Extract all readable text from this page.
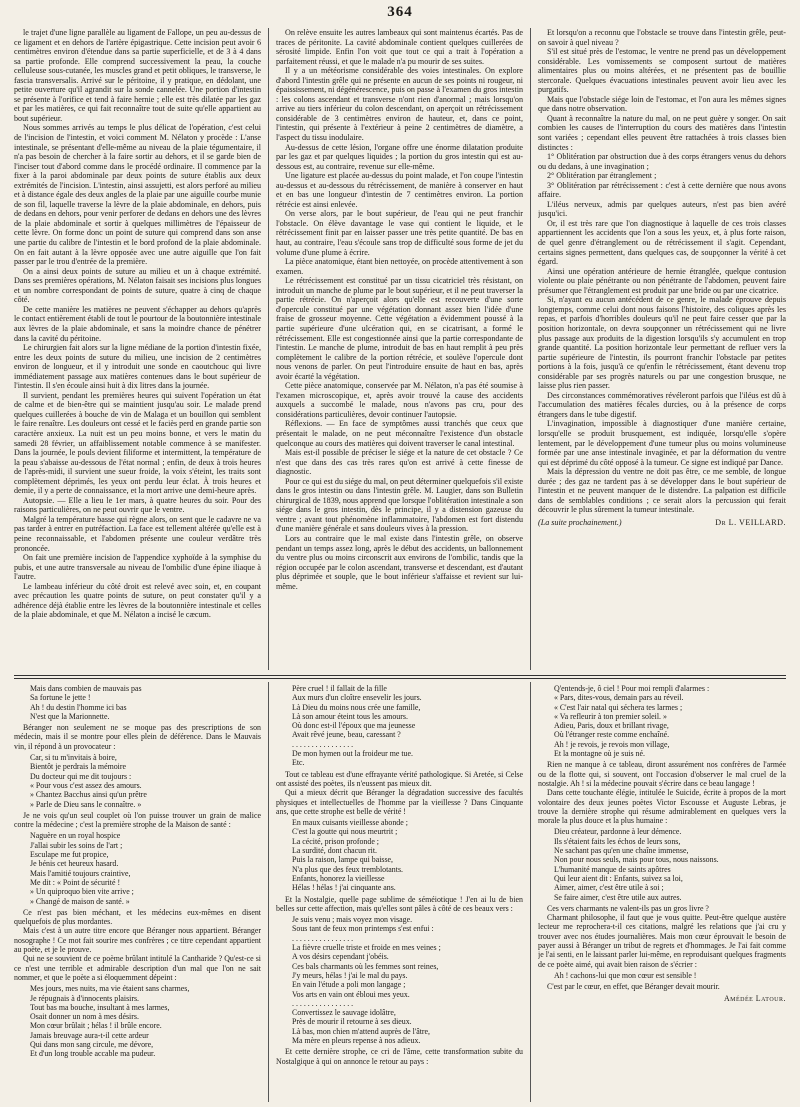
364

le trajet d'une ligne parallèle au ligament de Fallope, un peu au-dessus de ce ligament et en dehors de l'artère épigastrique. Cette incision peut avoir 6 centimètres environ d'étendue dans sa partie superficielle, et de 3 à 4 dans sa partie profonde. Elle comprend successivement la peau, la couche celluleuse sous-cutanée, les muscles grand et petit obliques, le transverse, le fascia transversalis. Arrivé sur le péritoine, il y pratique, en dédolant, une petite ouverture qu'il agrandit sur la sonde cannelée. Une portion d'intestin se présente à l'orifice et tend à faire hernie ; elle est très dilatée par les gaz et par les matières, ce qui fait reconnaître tout de suite qu'elle appartient au bout supérieur.

Nous sommes arrivés au temps le plus délicat de l'opération, c'est celui de l'incision de l'intestin, et voici comment M. Nélaton y procède : L'anse intestinale, se présentant d'elle-même au niveau de la plaie tégumentaire, il n'a pas besoin de chercher à la faire sortir au dehors, et il se garde bien de l'inciser tout d'abord comme dans le procédé ordinaire. Il commence par la fixer à la paroi abdominale par deux points de suture établis aux deux extrémités de l'incision. L'intestin, ainsi assujetti, est alors perforé au milieu et à distance égale des deux angles de la plaie par une aiguille courbe munie de son fil, laquelle traverse la lèvre de la plaie abdominale, en dehors, puis de dedans en dehors, pour venir perforer de dedans en dehors une des lèvres de la plaie abdominale et sortir à quelques millimètres de l'épaisseur de cette lèvre. On forme donc un point de suture qui comprend dans son anse une partie du calibre de l'intestin et le bord profond de la plaie abdominale. On en fait autant à la lèvre opposée avec une autre aiguille que l'on fait passer par le trou d'entrée de la première.

On a ainsi deux points de suture au milieu et un à chaque extrémité. Dans ses premières opérations, M. Nélaton faisait ses incisions plus longues et un nombre correspondant de points de suture, quatre à cinq de chaque côté.

De cette manière les matières ne peuvent s'échapper au dehors qu'après le contact entièrement établi de tout le pourtour de la boutonnière intestinale aux lèvres de la plaie abdominale, et sans la moindre chance de pénétrer dans la cavité du péritoine.

Le chirurgien fait alors sur la ligne médiane de la portion d'intestin fixée, entre les deux points de suture du milieu, une incision de 2 centimètres environ de longueur, et il y introduit une sonde en caoutchouc qui livre immédiatement passage aux matières contenues dans le bout supérieur de l'intestin. Il s'en écoule ainsi huit à dix litres dans la journée.

Il survient, pendant les premières heures qui suivent l'opération un état de calme et de bien-être qui se maintient jusqu'au soir. Le malade prend quelques cuillerées à bouche de vin de Malaga et un bouillon qui semblent le faire renaître. Les douleurs ont cessé et le faciès perd en grande partie son caractère anxieux. La nuit est un peu moins bonne, et vers le matin du samedi 28 février, un affaiblissement notable commence à se manifester. Dans la journée, le pouls devient filiforme et intermittent, la température de la peau s'abaisse au-dessous de l'état normal ; enfin, de deux à trois heures de l'après-midi, il survient une sueur froide, la voix s'éteint, les traits sont complètement déprimés, les yeux ont perdu leur éclat. À trois heures et demie, il y a perte de connaissance, et la mort arrive une demi-heure après.

Autopsie. — Elle a lieu le 1er mars, à quatre heures du soir. Pour des raisons particulières, on ne peut ouvrir que le ventre.

Malgré la température basse qui règne alors, on sent que le cadavre ne va pas tarder à entrer en putréfaction. La face est tellement altérée qu'elle est à peine reconnaissable, et l'abdomen présente une couleur verdâtre très prononcée.

On fait une première incision de l'appendice xyphoïde à la symphise du pubis, et une autre transversale au niveau de l'ombilic d'une épine iliaque à l'autre.

Le lambeau inférieur du côté droit est relevé avec soin, et, en coupant avec précaution les quatre points de suture, on peut constater qu'il y a adhérence déjà établie entre les lèvres de la boutonnière intestinale et celles de la plaie abdominale, et que M. Nélaton a incisé le cæcum.

On relève ensuite les autres lambeaux qui sont maintenus écartés. Pas de traces de péritonite. La cavité abdominale contient quelques cuillerées de sérosité limpide. Enfin l'on voit que tout ce qui a trait à l'opération a parfaitement réussi, et que le malade n'a pu mourir de ses suites.

Il y a un météorisme considérable des voies intestinales. On explore d'abord l'intestin grêle qui ne présente en aucun de ses points ni rougeur, ni épaississement, ni dégénérescence, puis on passe à l'examen du gros intestin : les colons ascendant et transverse n'ont rien d'anormal ; mais lorsqu'on arrive au tiers inférieur du colon descendant, on aperçoit un rétrécissement considérable de 3 centimètres environ de hauteur, et, dans ce point, l'intestin, qui présente à l'extérieur à peine 2 centimètres de diamètre, a l'aspect du tissu inodulaire.

Au-dessus de cette lésion, l'organe offre une énorme dilatation produite par les gaz et par quelques liquides ; la portion du gros intestin qui est au-dessous est, au contraire, revenue sur elle-même.

Une ligature est placée au-dessus du point malade, et l'on coupe l'intestin au-dessus et au-dessous du rétrécissement, de manière à conserver en haut et en bas une longueur d'intestin de 7 centimètres environ. La portion rétrécie est ainsi enlevée.

On verse alors, par le bout supérieur, de l'eau qui ne peut franchir l'obstacle. On élève davantage le vase qui contient le liquide, et le rétrécissement finit par en laisser passer une très petite quantité. De bas en haut, au contraire, l'eau s'écoule sans trop de difficulté sous forme de jet du volume d'une plume à écrire.

La pièce anatomique, étant bien nettoyée, on procède attentivement à son examen.

Le rétrécissement est constitué par un tissu cicatriciel très résistant, on introduit un manche de plume par le bout supérieur, et il ne peut traverser la partie rétrécie. On n'aperçoit alors qu'elle est recouverte d'une sorte d'opercule constitué par une végétation donnant assez bien l'idée d'une fraise de grosseur moyenne. Cette végétation a évidemment poussé à la partie supérieure d'une ulcération qui, en se cicatrisant, a formé le rétrécissement. Elle est congestionnée ainsi que la partie correspondante de l'intestin. Le manche de plume, introduit de bas en haut remplit à peu près complètement le calibre de la portion rétrécie, et soulève l'opercule dont nous venons de parler. On peut l'introduire ensuite de haut en bas, après avoir écarté la végétation.

Cette pièce anatomique, conservée par M. Nélaton, n'a pas été soumise à l'examen microscopique, et, après avoir trouvé la cause des accidents auxquels a succombé le malade, nous n'avons pas cru, pour des considérations particulières, devoir continuer l'autopsie.

Réflexions. — En face de symptômes aussi tranchés que ceux que présentait le malade, on ne peut méconnaître l'existence d'un obstacle quelconque au cours des matières qui doivent traverser le canal intestinal.

Mais est-il possible de préciser le siége et la nature de cet obstacle ? Ce n'est que dans des cas très rares qu'on est arrivé à cette finesse de diagnostic.

Pour ce qui est du siége du mal, on peut déterminer quelquefois s'il existe dans le gros intestin ou dans l'intestin grêle. M. Laugier, dans son Bulletin chirurgical de 1839, nous apprend que lorsque l'oblitération intestinale a son siége dans le gros intestin, dès le principe, il y a distension gazeuse du ventre ; avant tout phénomène inflammatoire, l'abdomen est fort distendu d'une manière générale et sans douleurs vives à la pression.

Lors au contraire que le mal existe dans l'intestin grêle, on observe pendant un temps assez long, après le début des accidents, un ballonnement du ventre plus ou moins circonscrit aux environs de l'ombilic, tandis que la région occupée par le colon ascendant, transverse et descendant, est d'autant plus déprimée et souple, que le bout inférieur s'affaisse et revient sur lui-même.

Et lorsqu'on a reconnu que l'obstacle se trouve dans l'intestin grêle, peut-on savoir à quel niveau ?

S'il est situé près de l'estomac, le ventre ne prend pas un développement considérable. Les vomissements se composent surtout de matières alimentaires plus ou moins altérées, et ne présentent pas de bouillie stercorale. Quelques évacuations intestinales peuvent avoir lieu avec les purgatifs.

Mais que l'obstacle siége loin de l'estomac, et l'on aura les mêmes signes que dans notre observation.

Quant à reconnaître la nature du mal, on ne peut guère y songer. On sait combien les causes de l'interruption du cours des matières dans l'intestin sont variées ; cependant elles peuvent être rattachées à trois classes bien distinctes :

1° Oblitération par obstruction due à des corps étrangers venus du dehors ou du dedans, à une invagination ;

2° Oblitération par étranglement ;

3° Oblitération par rétrécissement : c'est à cette dernière que nous avons affaire.

L'iléus nerveux, admis par quelques auteurs, n'est pas bien avéré jusqu'ici.

Or, il est très rare que l'on diagnostique à laquelle de ces trois classes appartiennent les accidents que l'on a sous les yeux, et, à plus forte raison, de quel genre d'étranglement ou de rétrécissement il s'agit. Cependant, certains signes permettent, dans quelques cas, de soupçonner la vérité à cet égard.

Ainsi une opération antérieure de hernie étranglée, quelque contusion violente ou plaie pénétrante ou non pénétrante de l'abdomen, peuvent faire présumer que l'étranglement est produit par une bride ou par une cicatrice.

Si, n'ayant eu aucun antécédent de ce genre, le malade éprouve depuis longtemps, comme celui dont nous faisons l'histoire, des coliques après les repas, et parfois d'horribles douleurs qu'il ne peut faire cesser que par la position horizontale, on devra soupçonner un rétrécissement qui ne livre plus passage aux produits de la digestion lorsqu'ils s'y accumulent en trop grande quantité. La position horizontale leur permettant de refluer vers la partie supérieure de l'intestin, ils pourront franchir l'obstacle par petites portions à la fois, jusqu'à ce qu'enfin le rétrécissement, étant devenu trop considérable par ses progrès naturels ou par une congestion brusque, ne laisse plus rien passer.

Des circonstances commémoratives révéleront parfois que l'iléus est dû à l'accumulation des matières fécales durcies, ou à la présence de corps étrangers dans le tube digestif.

L'invagination, impossible à diagnostiquer d'une manière certaine, lorsqu'elle se produit brusquement, est indiquée, lorsqu'elle s'opère lentement, par le développement d'une tumeur plus ou moins volumineuse formée par une anse intestinale invaginée, et par la déformation du ventre qui est déprimé du côté opposé à la tumeur. Ce signe est indiqué par Dance.

Mais la dépression du ventre ne doit pas être, ce me semble, de longue durée ; des gaz ne tardent pas à se développer dans le bout supérieur de l'intestin et ne peuvent manquer de le distendre. La palpation est difficile dans de semblables conditions ; ce serait alors la percussion qui ferait découvrir le plus sûrement la tumeur intestinale.

(La suite prochainement.)	Dr L. VEILLARD.

Mais dans combien de mauvais pas
Sa fortune le jette !
Ah ! du destin l'homme ici bas
N'est que la Marionnette.

Béranger non seulement ne se moque pas des prescriptions de son médecin, mais il se montre pour elles plein de déférence. Dans le Mauvais vin, il répond à un provocateur :

Car, si tu m'invitais à boire,
Bientôt je perdrais la mémoire
Du docteur qui me dit toujours :
« Pour vous c'est assez des amours.
» Chantez Bacchus ainsi qu'un prêtre
» Parle de Dieu sans le connaître. »

Je ne vois qu'un seul couplet où l'on puisse trouver un grain de malice contre la médecine ; c'est la première strophe de la Maison de santé :

Naguère en un royal hospice
J'allai subir les soins de l'art ;
Esculape me fut propice,
Je bénis cet heureux hasard.
Mais l'amitié toujours craintive,
Me dit : « Point de sécurité !
» Un quiproquo bien vite arrive ;
» Changé de maison de santé. »

Ce n'est pas bien méchant, et les médecins eux-mêmes en disent quelquefois de plus mordantes.

Mais c'est à un autre titre encore que Béranger nous appartient. Béranger nosographe ! Ce mot fait sourire mes confrères ; ce titre cependant appartient au poète, et je le prouve.

Qui ne se souvient de ce poème brûlant intitulé la Cantharide ? Qu'est-ce si ce n'est une terrible et admirable description d'un mal que l'on ne sait nommer, et que le poète a si éloquemment dépeint :

Mes jours, mes nuits, ma vie étaient sans charmes,
Je répugnais à d'innocents plaisirs.
Tout bas ma bouche, insultant à mes larmes,
Osait donner un nom à mes désirs.
Mon cœur brûlait ; hélas ! il brûle encore.
Jamais breuvage aura-t-il cette ardeur
Qui dans mon sang circule, me dévore,
Et d'un long trouble accable ma pudeur.
Père cruel ! il fallait de la fille
Aux murs d'un cloître ensevelir les jours.
Là Dieu du moins nous crée une famille,
Là son amour éteint tous les amours.
Où donc est-il l'époux que ma jeunesse
Avait rêvé jeune, beau, caressant ?
. . . . . . . . . . . . . . . .
De mon hymen out la froideur me tue.
Etc.

Tout ce tableau est d'une effrayante vérité pathologique. Si Aretée, si Celse ont assisté des poètes, ils n'eussent pas mieux dit.

Qui a mieux décrit que Béranger la dégradation successive des facultés physiques et intellectuelles de l'homme par la vieillesse ? Dans Cinquante ans, que cette strophe est belle de vérité !

En maux cuisants vieillesse abonde ;
C'est la goutte qui nous meurtrit ;
La cécité, prison profonde ;
La surdité, dont chacun rit.
Puis la raison, lampe qui baisse,
N'a plus que des feux tremblotants.
Enfants, honorez la vieillesse
Hélas ! hélas ! j'ai cinquante ans.

Et la Nostalgie, quelle page sublime de séméiotique ! J'en ai lu de bien belles sur cette affection, mais qu'elles sont pâles à côté de ces beaux vers :

Je suis venu ; mais voyez mon visage.
Sous tant de feux mon printemps s'est enfui :
. . . . . . . . . . . . . . . .
La fièvre cruelle triste et froide en mes veines ;
A vos désirs cependant j'obéis.
Ces bals charmants où les femmes sont reines,
J'y meurs, hélas ! j'ai le mal du pays.
En vain l'étude a poli mon langage ;
Vos arts en vain ont ébloui mes yeux.
. . . . . . . . . . . . . . . .
Convertissez le sauvage idolâtre,
Près de mourir il retourne à ses dieux.
Là bas, mon chien m'attend auprès de l'âtre,
Ma mère en pleurs repense à nos adieux.

Et cette dernière strophe, ce cri de l'âme, cette transformation subite du Nostalgique à qui on annonce le retour au pays :

Q'entends-je, ô ciel ! Pour moi rempli d'alarmes :
« Pars, dites-vous, demain pars au réveil.
« C'est l'air natal qui séchera tes larmes ;
« Va refleurir à ton premier soleil. »
Adieu, Paris, doux et brillant rivage,
Où l'étranger reste comme enchaîné.
Ah ! je revois, je revois mon village,
Et la montagne où je suis né.

Rien ne manque à ce tableau, diront assurément nos confrères de l'armée ou de la flotte qui, si souvent, ont l'occasion d'observer le mal cruel de la nostalgie. Ah ! si la médecine pouvait s'écrire dans ce beau langage !

Dans cette touchante élégie, intitulée le Suicide, écrite à propos de la mort volontaire des deux jeunes poètes Victor Escousse et Auguste Lebras, je trouve la dernière strophe qui résume admirablement en quelques vers la morale la plus douce et la plus humaine :

Dieu créateur, pardonne à leur démence.
Ils s'étaient faits les échos de leurs sons,
Ne sachant pas qu'en une chaîne immense,
Non pour nous seuls, mais pour tous, nous naissons.
L'humanité manque de saints apôtres
Qui leur aient dit : Enfants, suivez sa loi,
Aimer, aimer, c'est être utile à soi ;
Se faire aimer, c'est être utile aux autres.

Ces vers charmants ne valent-ils pas un gros livre ?

Charmant philosophe, il faut que je vous quitte. Peut-être quelque austère lecteur me reprochera-t-il ces citations, malgré les relations que j'ai cru y trouver avec nos études journalières. Mais mon cœur éprouvait le besoin de payer aussi à Béranger un tribut de regrets et d'hommages. Je l'ai fait comme je l'ai senti, en le laissant parler lui-même, en reproduisant quelques fragments de ce poète aimé, qui avait bien raison de s'écrier :

Ah ! cachons-lui que mon cœur est sensible !

C'est par le cœur, en effet, que Béranger devait mourir.

Amédée Latour.
